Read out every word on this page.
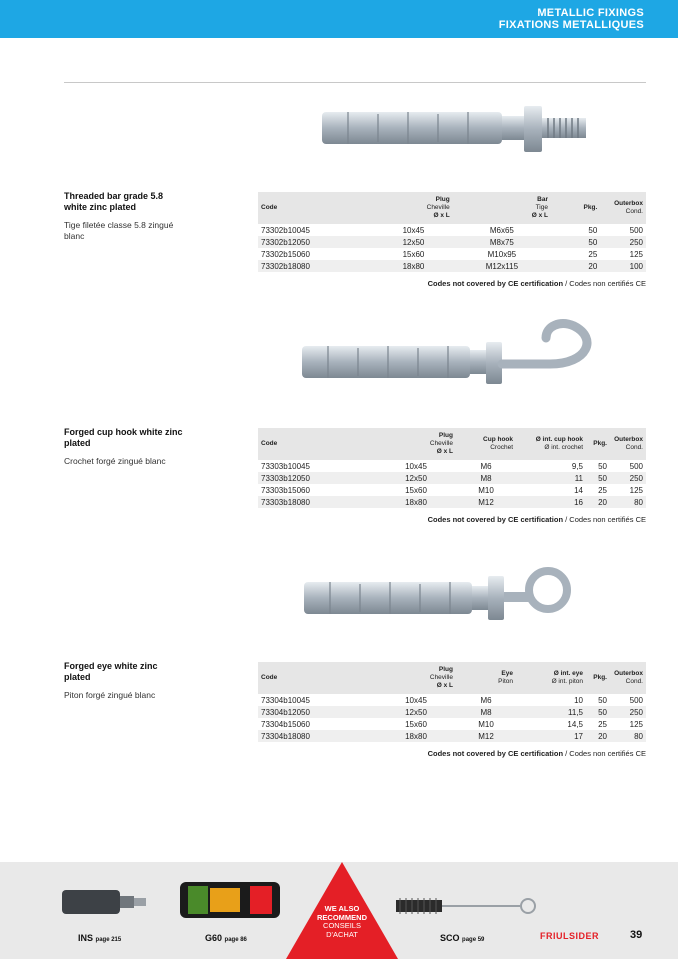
METALLIC FIXINGS
FIXATIONS METALLIQUES
Threaded bar grade 5.8 white zinc plated
Tige filetée classe 5.8 zingué blanc
Code	Plug
Cheville
Ø x L	Bar
Tige
Ø x L		Pkg.	Outerbox
Cond.
73302b10045	10x45	M6x65		50	500
73302b12050	12x50	M8x75		50	250
73302b15060	15x60	M10x95		25	125
73302b18080	18x80	M12x115		20	100
Codes not covered by CE certification / Codes non certifiés CE
Forged cup hook white zinc plated
Crochet forgé zingué blanc
Code	Plug
Cheville
Ø x L	Cup hook
Crochet	Ø int. cup hook
Ø int. crochet	Pkg.	Outerbox
Cond.
73303b10045	10x45	M6	9,5	50	500
73303b12050	12x50	M8	11	50	250
73303b15060	15x60	M10	14	25	125
73303b18080	18x80	M12	16	20	80
Codes not covered by CE certification / Codes non certifiés CE
Forged eye white zinc plated
Piton forgé zingué blanc
Code	Plug
Cheville
Ø x L	Eye
Piton	Ø int. eye
Ø int. piton	Pkg.	Outerbox
Cond.
73304b10045	10x45	M6	10	50	500
73304b12050	12x50	M8	11,5	50	250
73304b15060	15x60	M10	14,5	25	125
73304b18080	18x80	M12	17	20	80
Codes not covered by CE certification / Codes non certifiés CE
INS page 215	G60 page 86	SCO page 59
WE ALSO
RECOMMEND
CONSEILS
D'ACHAT	FRIULSIDER	39
